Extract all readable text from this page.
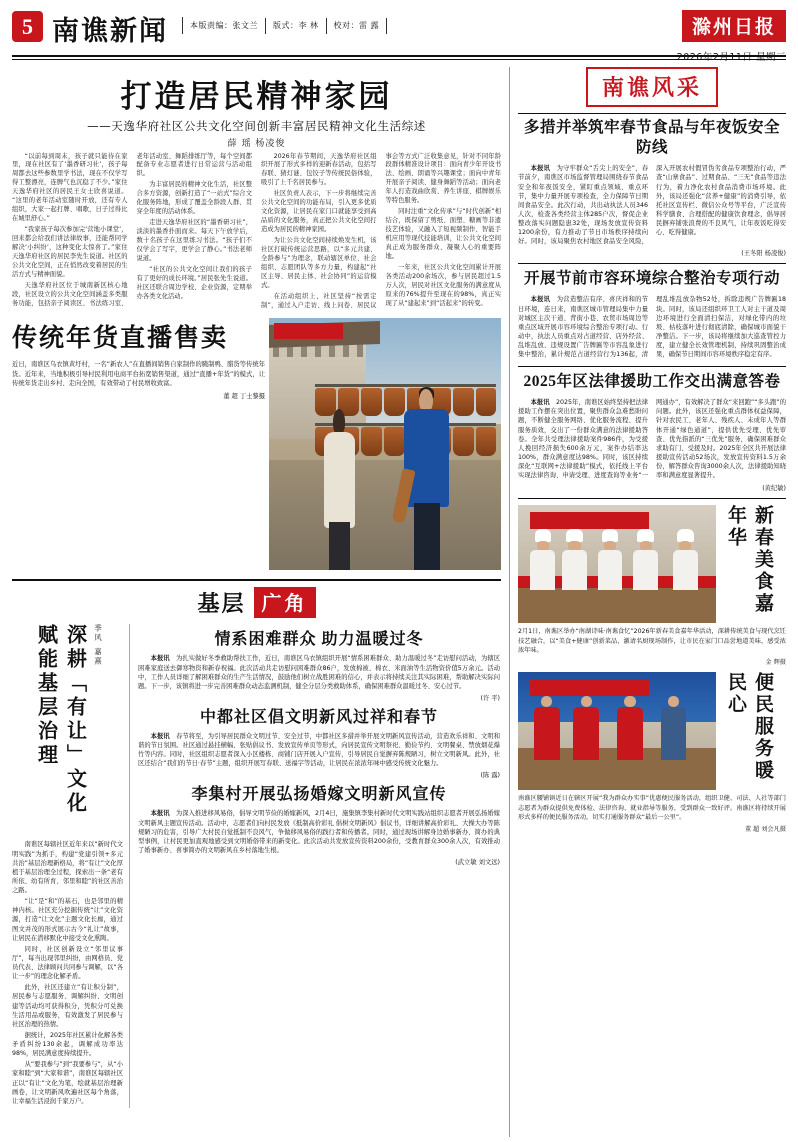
5 南谯新闻	本版责编：张文兰	版式：李 林	校对：雷 露	滁州日报
2026年2月11日 星期三
打造居民精神家园
——天逸华府社区公共文化空间创新丰富居民精神文化生活综述
薛 瑶 杨凌俊

“以前每到周末，孩子就只能待在家里，现在社区有了‘墨香研习社’，孩子每周都去这些参数里学书法，现在不仅学写得工整漂亮，连脾气也沉稳了不少。”家住天逸华府社区的居民王女士欣喜说道。“这里的老年活动室随时开放，还有专人组织，大家一起打牌、唱歌，日子过得比在城里舒心。”

“我家孩子每次参加完‘营地小课堂’，回来都会给我们讲法律故事，还能帮同学解决‘小纠纷’，这种变化太惊喜了。”家住天逸华府社区的居民李先生说道。社区的公共文化空间，正在悄然改变着居民的生活方式与精神面貌。

天逸华府社区位于城南新区核心地段，社区设立的公共文化空间涵盖多类服务功能，包括亲子阅读区、书法练习室、老年活动室、舞蹈排练厅等，每个空间都配备专业志愿者进行日常运营与活动组织。

为丰富居民的精神文化生活，社区整合多方资源，创新打造了“一站式”综合文化服务阵地，形成了覆盖全龄段人群、贯穿全年度的活动体系。

走进天逸华府社区的“墨香研习社”，淡淡的墨香扑面而来。每天下午放学后，数十名孩子在这里练习书法。“孩子们不仅学会了写字，更学会了静心。”书法老师说道。

“社区的公共文化空间让我们的孩子有了更好的成长环境。”居民张先生说道。社区还联合周边学校、企业资源，定期举办各类文化活动。

2026年春节期间，天逸华府社区组织开展了形式多样的迎新春活动，包括写春联、猜灯谜、包饺子等传统民俗体验，吸引了上千名居民参与。

社区负责人表示，下一步将继续完善公共文化空间的功能布局，引入更多优质文化资源，让居民在家门口就能享受到高品质的文化服务，真正把公共文化空间打造成为居民的精神家园。

为让公共文化空间持续焕发生机，该社区打破传统运营思路，以“多元共建、全龄参与”为理念，联动辖区单位、社会组织、志愿团队等多方力量，构建起“社区主导、居民主体、社会协同”的运营模式。

在活动组织上，社区坚持“按需定制”，通过入户走访、线上问卷、居民议事会等方式广泛收集意见，针对不同年龄段群体精准设计项目：面向青少年开设书法、绘画、朗诵等兴趣课堂；面向中青年开展亲子阅读、健身舞蹈等活动；面向老年人打造戏曲欣赏、养生讲座、棋牌娱乐等特色服务。

同时注重“文化传承”与“时代创新”相结合，既保留了剪纸、面塑、糖画等非遗技艺体验，又融入了短视频制作、智能手机应用等现代技能培训，让公共文化空间真正成为服务群众、凝聚人心的重要阵地。

一年来，社区公共文化空间累计开展各类活动200余场次，参与居民超过1.5万人次，居民对社区文化服务的满意度从原来的76%提升至现在的98%，真正实现了从“建起来”到“活起来”的转变。

传统年货直播售卖
近日，南谯区乌衣镇黄圩村，一名“新农人”在直播间销售自家制作的腌制鸭、腊货等传统年货。近年来，当地积极引导村民利用电商平台拓宽销售渠道，通过“直播+年货”的模式，让传统年货走出乡村、走向全国，有效带动了村民增收致富。
董 超 丁士黎摄
基层 广角
深耕「有让」文化 赋能基层治理	季风 嘉熹

南谯区每辖社区近年来以“新时代文明实践”为抓手，构建“党建引领+多元共治”基层治理新格局，将“有让”文化厚植于基层治理全过程，探索出一条“老有所依、幼有所育、邻里和睦”的社区善治之路。

“让”是“和”的基石，也是邻里的精神内核。社区充分挖掘传统“让”文化资源，打造“让文化”主题文化长廊，通过图文并茂的形式展示古今“礼让”故事，让居民在潜移默化中接受文化熏陶。

同时，社区创新设立“邻里议事厅”，每当出现邻里纠纷，由网格员、党员代表、法律顾问共同参与调解，以“各让一步”的理念化解矛盾。

此外，社区还建立“有让积分制”，居民参与志愿服务、调解纠纷、文明创建等活动均可获得积分，凭积分可兑换生活用品或服务，有效激发了居民参与社区治理的热情。

据统计，2025年社区累计化解各类矛盾纠纷130余起，调解成功率达98%，居民满意度持续提升。

从“要我参与”到“我要参与”，从“小家和睦”到“大家和谐”，南谯区每辖社区正以“有让”文化为笔，绘就基层治理新画卷，让文明新风吹遍社区每个角落，让幸福生活浸润千家万户。

情系困难群众 助力温暖过冬

本报讯　 为扎实做好冬季救助帮扶工作，近日，南谯区乌衣镇组织开展“情系困难群众、助力温暖过冬”走访慰问活动，为辖区困难家庭送去御寒物资和新春祝福。此次活动共走访慰问困难群众86户，发放棉被、棉衣、米面油等生活物资价值5万余元。活动中，工作人员详细了解困难群众的生产生活情况，鼓励他们树立战胜困难的信心，并表示将持续关注其实际困难，帮助解决实际问题。下一步，该镇将进一步完善困难群众动态监测机制，健全分层分类救助体系，确保困难群众温暖过冬、安心过节。

(许 平)
中都社区倡文明新风过祥和春节

本报讯　 春节将至，为引导居民群众文明过节、安全过节，中都社区多措并举开展文明新风宣传活动，营造欢乐祥和、文明和谐的节日氛围。社区通过悬挂横幅、张贴倡议书、发放宣传单页等形式，向居民宣传文明祭祀、勤俭节约、文明餐桌、禁放烟花爆竹等内容。同时，社区组织志愿者深入小区楼栋、商铺门店开展入户宣传，引导居民自觉摒弃陈规陋习，树立文明新风。此外，社区还结合“我们的节日·春节”主题，组织开展写春联、送福字等活动，让居民在浓浓年味中感受传统文化魅力。

(陈 露)
李集村开展弘扬婚嫁文明新风宣传

本报讯　 为深入推进移风易俗，倡导文明节俭的婚嫁新风，2月4日，施集镇李集村新时代文明实践站组织志愿者开展弘扬婚嫁文明新风主题宣传活动。活动中，志愿者们向村民发放《抵制高价彩礼 倡树文明新风》倡议书，详细讲解高价彩礼、大操大办等陈规陋习的危害，引导广大村民自觉抵制不良风气，争做移风易俗的践行者和传播者。同时，通过现场讲解身边婚事新办、简办的典型事例，让村民更加直观地感受到文明婚俗带来的新变化。此次活动共发放宣传资料200余份，受教育群众300余人次，有效推动了婚事新办、喜事简办的文明新风在乡村落地生根。

(武立敏 刘文远)
南谯风采
多措并举筑牢春节食品与年夜饭安全防线

本报讯　 为守牢群众“舌尖上的安全”，春节前夕，南谯区市场监督管理局围绕春节食品安全和年夜饭安全，紧盯重点领域、重点环节，集中力量开展专项检查，全力保障节日期间食品安全。此次行动，共出动执法人员346人次，检查各类经营主体285户次，督促企业整改落实问题隐患32处，现场发放宣传资料1200余份，有力推动了节日市场秩序持续向好。同时，该局聚焦农村地区食品安全风险，深入开展农村假冒伪劣食品专项整治行动，严查“山寨食品”、过期食品、“三无”食品等违法行为，着力净化农村食品消费市场环境。此外，该局还强化“营养+健康”的消费引导，依托社区宣传栏、微信公众号等平台，广泛宣传科学膳食、合理搭配的健康饮食理念，倡导居民摒弃铺张浪费的不良风气，让年夜饭吃得安心、吃得健康。

(王冬阳 杨凌俊)
开展节前市容环境综合整治专项行动

本报讯　 为营造整洁有序、喜庆祥和的节日环境，连日来，南谯区城市管理局集中力量对城区主次干道、背街小巷、农贸市场周边等重点区域开展市容环境综合整治专项行动。行动中，执法人员重点对占道经营、店外经营、乱堆乱放、违规设置广告牌匾等市容乱象进行集中整治，累计规范占道经营行为136起，清理乱堆乱放杂物52处，拆除违规广告牌匾18块。同时，该局还组织环卫工人对主干道及周边环境进行全面清扫保洁，对绿化带内的垃圾、枯枝落叶进行彻底清除，确保城市面貌干净整洁。下一步，该局将继续加大巡查管控力度，建立健全长效管理机制，持续巩固整治成果，确保节日期间市容环境秩序稳定有序。

2025年区法律援助工作交出满意答卷

本报讯　 2025年，南谯区始终坚持把法律援助工作摆在突出位置，聚焦群众急难愁盼问题，不断健全服务网络、优化服务流程、提升服务质效，交出了一份群众满意的法律援助答卷。全年共受理法律援助案件986件，为受援人挽回经济损失600余万元，案件办结率达100%，群众满意度达98%。同时，该区持续深化“互联网+法律援助”模式，依托线上平台实现法律咨询、申请受理、进度查询等业务“一网通办”，有效解决了群众“来回跑”“多头跑”的问题。此外，该区还强化重点群体权益保障，针对农民工、老年人、残疾人、未成年人等群体开通“绿色通道”，提供优先受理、优先审查、优先指派的“三优先”服务，确保困难群众求助有门、受援及时。2025年全区共开展法律援助宣传活动52场次，发放宣传资料1.5万余份，解答群众咨询3000余人次，法律援助知晓率和满意度显著提升。

(黄纪敏)
新春美食嘉年华
2月1日，南谯区举办“南湖诗味·南谯食忆”2026年新春美食嘉年华活动，深耕传统美食与现代烹饪技艺融合，以“美食+健康”创新菜品，激请名厨现场制作，让市民在家门口品尝地道美味，感受浓浓年味。
金 辉摄
便民服务暖民心
南谯区腰铺镇近日在辖区开展“我为群众办实事”优惠便民服务活动，组织卫健、司法、人社等部门志愿者为群众提供免费体检、法律咨询、就业指导等服务，受到群众一致好评。南谯区将持续开展形式多样的便民服务活动，切实打通服务群众“最后一公里”。
董 超 刘会凡摄
